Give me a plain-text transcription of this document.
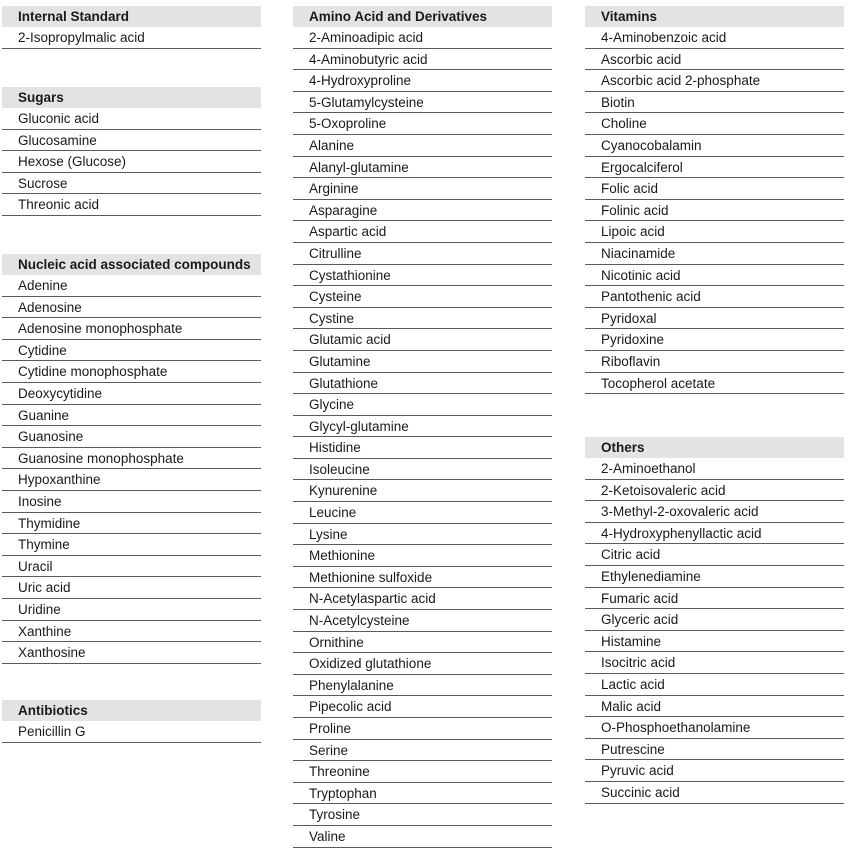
Internal Standard
2-Isopropylmalic acid
Sugars
Gluconic acid
Glucosamine
Hexose (Glucose)
Sucrose
Threonic acid
Nucleic acid associated compounds
Adenine
Adenosine
Adenosine monophosphate
Cytidine
Cytidine monophosphate
Deoxycytidine
Guanine
Guanosine
Guanosine monophosphate
Hypoxanthine
Inosine
Thymidine
Thymine
Uracil
Uric acid
Uridine
Xanthine
Xanthosine
Antibiotics
Penicillin G
Amino Acid and Derivatives
2-Aminoadipic acid
4-Aminobutyric acid
4-Hydroxyproline
5-Glutamylcysteine
5-Oxoproline
Alanine
Alanyl-glutamine
Arginine
Asparagine
Aspartic acid
Citrulline
Cystathionine
Cysteine
Cystine
Glutamic acid
Glutamine
Glutathione
Glycine
Glycyl-glutamine
Histidine
Isoleucine
Kynurenine
Leucine
Lysine
Methionine
Methionine sulfoxide
N-Acetylaspartic acid
N-Acetylcysteine
Ornithine
Oxidized glutathione
Phenylalanine
Pipecolic acid
Proline
Serine
Threonine
Tryptophan
Tyrosine
Valine
Vitamins
4-Aminobenzoic acid
Ascorbic acid
Ascorbic acid 2-phosphate
Biotin
Choline
Cyanocobalamin
Ergocalciferol
Folic acid
Folinic acid
Lipoic acid
Niacinamide
Nicotinic acid
Pantothenic acid
Pyridoxal
Pyridoxine
Riboflavin
Tocopherol acetate
Others
2-Aminoethanol
2-Ketoisovaleric acid
3-Methyl-2-oxovaleric acid
4-Hydroxyphenyllactic acid
Citric acid
Ethylenediamine
Fumaric acid
Glyceric acid
Histamine
Isocitric acid
Lactic acid
Malic acid
O-Phosphoethanolamine
Putrescine
Pyruvic acid
Succinic acid
